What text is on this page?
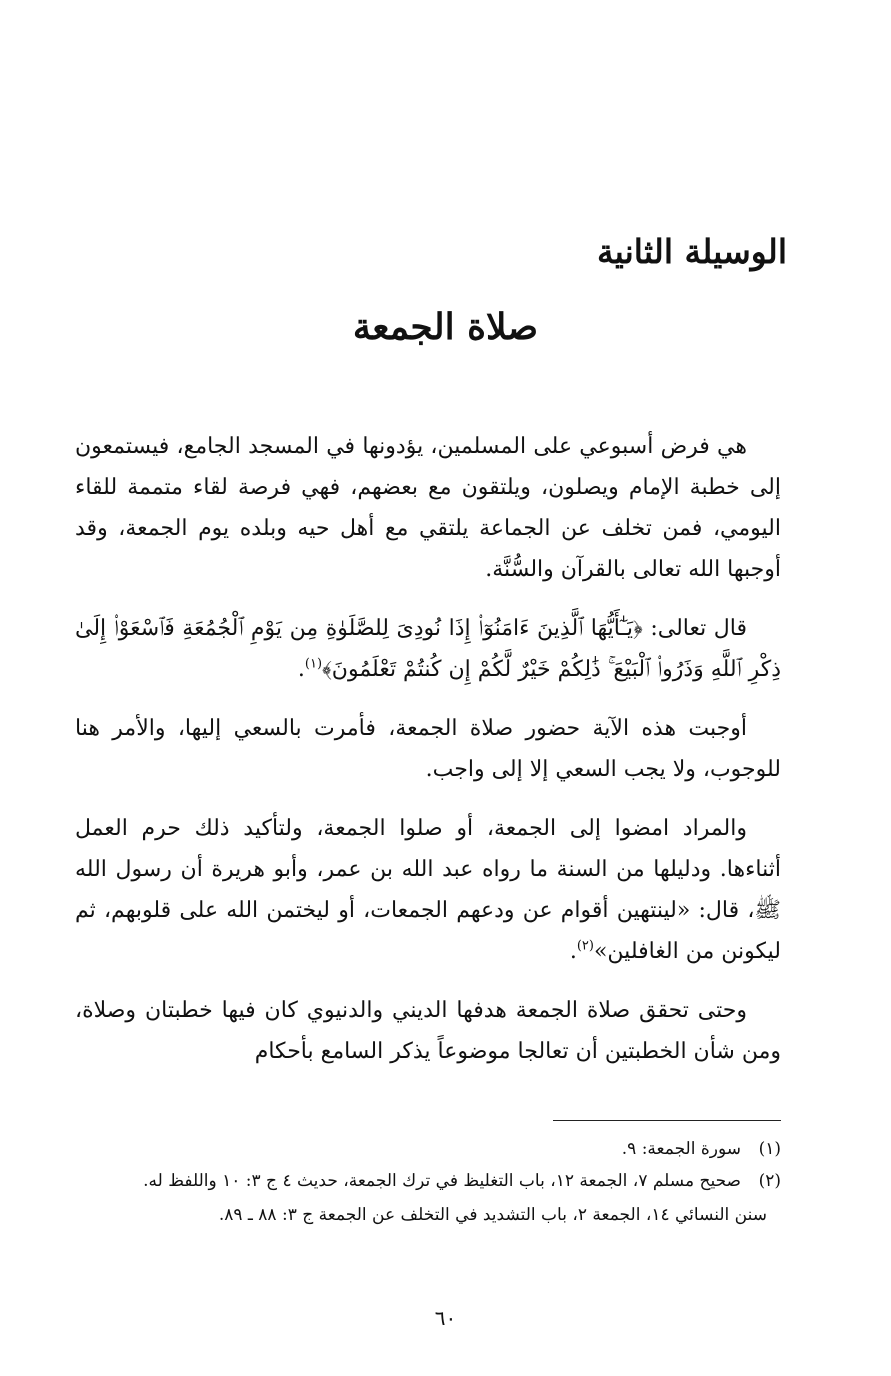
الوسيلة الثانية
صلاة الجمعة

هي فرض أسبوعي على المسلمين، يؤدونها في المسجد الجامع، فيستمعون إلى خطبة الإمام ويصلون، ويلتقون مع بعضهم، فهي فرصة لقاء متممة للقاء اليومي، فمن تخلف عن الجماعة يلتقي مع أهل حيه وبلده يوم الجمعة، وقد أوجبها الله تعالى بالقرآن والسُّنَّة.

قال تعالى: ﴿يَـٰٓأَيُّهَا ٱلَّذِينَ ءَامَنُوٓا۟ إِذَا نُودِىَ لِلصَّلَوٰةِ مِن يَوْمِ ٱلْجُمُعَةِ فَٱسْعَوْا۟ إِلَىٰ ذِكْرِ ٱللَّهِ وَذَرُوا۟ ٱلْبَيْعَ ۚ ذَٰلِكُمْ خَيْرٌ لَّكُمْ إِن كُنتُمْ تَعْلَمُونَ﴾$^{(١)}$.

أوجبت هذه الآية حضور صلاة الجمعة، فأمرت بالسعي إليها، والأمر هنا للوجوب، ولا يجب السعي إلا إلى واجب.

والمراد امضوا إلى الجمعة، أو صلوا الجمعة، ولتأكيد ذلك حرم العمل أثناءها. ودليلها من السنة ما رواه عبد الله بن عمر، وأبو هريرة أن رسول الله ﷺ، قال: «لينتهين أقوام عن ودعهم الجمعات، أو ليختمن الله على قلوبهم، ثم ليكونن من الغافلين»$^{(٢)}$.

وحتى تحقق صلاة الجمعة هدفها الديني والدنيوي كان فيها خطبتان وصلاة، ومن شأن الخطبتين أن تعالجا موضوعاً يذكر السامع بأحكام

(١)
سورة الجمعة: ٩.
(٢)
صحيح مسلم ٧، الجمعة ١٢، باب التغليظ في ترك الجمعة، حديث ٤ ج ٣: ١٠ واللفظ له.
سنن النسائي ١٤، الجمعة ٢، باب التشديد في التخلف عن الجمعة ج ٣: ٨٨ ـ ٨٩.

٦٠
